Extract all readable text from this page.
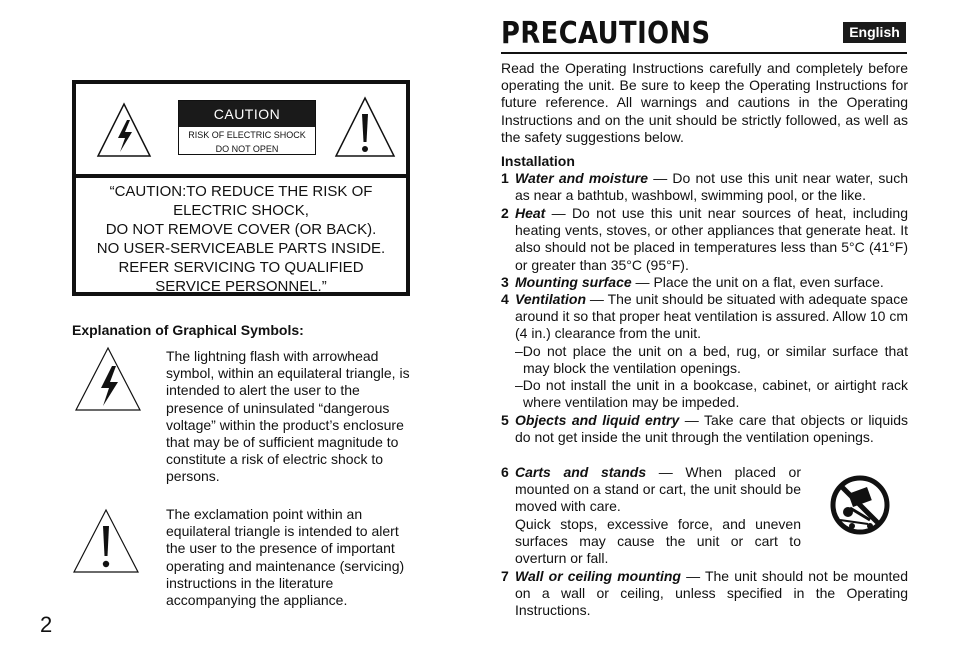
CAUTION
RISK OF ELECTRIC SHOCK
DO NOT OPEN
“CAUTION:TO REDUCE THE RISK OF
ELECTRIC SHOCK,
DO NOT REMOVE COVER (OR BACK).
NO USER-SERVICEABLE PARTS INSIDE.
REFER SERVICING TO QUALIFIED
SERVICE PERSONNEL.”
Explanation of Graphical Symbols:
The lightning flash with arrowhead symbol, within an equilateral triangle, is intended to alert the user to the presence of uninsulated “dangerous voltage” within the product’s enclosure that may be of sufficient magnitude to constitute a risk of electric shock to persons.
The exclamation point within an equilateral triangle is intended to alert the user to the presence of important operating and maintenance (servicing) instructions in the literature accompanying the appliance.
2
PRECAUTIONS	English
Read the Operating Instructions carefully and completely before operating the unit. Be sure to keep the Operating Instructions for future reference. All warnings and cautions in the Operating Instructions and on the unit should be strictly followed, as well as the safety suggestions below.
Installation
1 Water and moisture — Do not use this unit near water, such as near a bathtub, washbowl, swimming pool, or the like.
2 Heat — Do not use this unit near sources of heat, including heating vents, stoves, or other appliances that generate heat. It also should not be placed in temperatures less than 5°C (41°F) or greater than 35°C (95°F).
3 Mounting surface — Place the unit on a flat, even surface.
4 Ventilation — The unit should be situated with adequate space around it so that proper heat ventilation is assured. Allow 10 cm (4 in.) clearance from the unit.
–Do not place the unit on a bed, rug, or similar surface that may block the ventilation openings.
–Do not install the unit in a bookcase, cabinet, or airtight rack where ventilation may be impeded.
5 Objects and liquid entry — Take care that objects or liquids do not get inside the unit through the ventilation openings.
6 Carts and stands — When placed or mounted on a stand or cart, the unit should be moved with care.
Quick stops, excessive force, and uneven surfaces may cause the unit or cart to overturn or fall.
7 Wall or ceiling mounting — The unit should not be mounted on a wall or ceiling, unless specified in the Operating Instructions.
